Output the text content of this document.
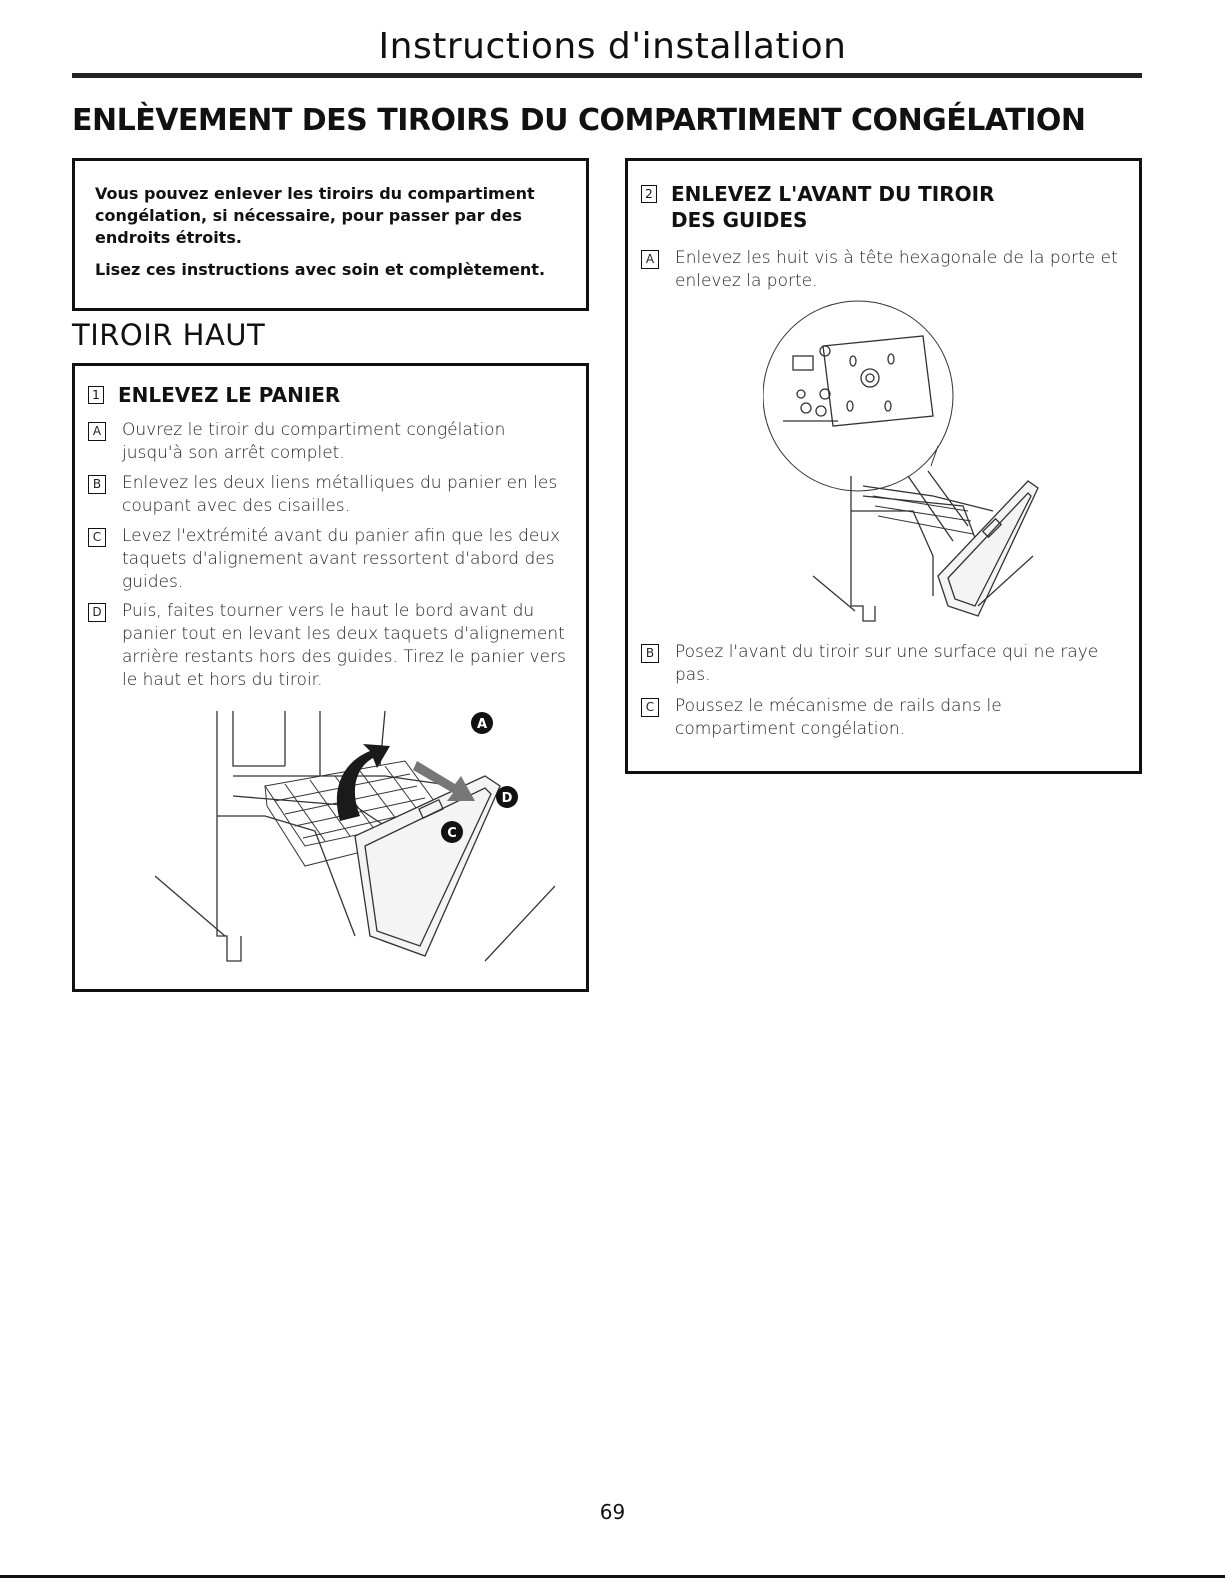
Instructions d'installation
ENLÈVEMENT DES TIROIRS DU COMPARTIMENT CONGÉLATION

Vous pouvez enlever les tiroirs du compartiment congélation, si nécessaire, pour passer par des endroits étroits.

Lisez ces instructions avec soin et complètement.

TIROIR HAUT
1 ENLEVEZ LE PANIER
A Ouvrez le tiroir du compartiment congélation jusqu'à son arrêt complet.
B Enlevez les deux liens métalliques du panier en les coupant avec des cisailles.
C Levez l'extrémité avant du panier afin que les deux taquets d'alignement avant ressortent d'abord des guides.
D Puis, faites tourner vers le haut le bord avant du panier tout en levant les deux taquets d'alignement arrière restants hors des guides. Tirez le panier vers le haut et hors du tiroir.
A
D
C
2 ENLEVEZ L'AVANT DU TIROIR
DES GUIDES
A Enlevez les huit vis à tête hexagonale de la porte et enlevez la porte.
B Posez l'avant du tiroir sur une surface qui ne raye pas.
C Poussez le mécanisme de rails dans le compartiment congélation.
69
